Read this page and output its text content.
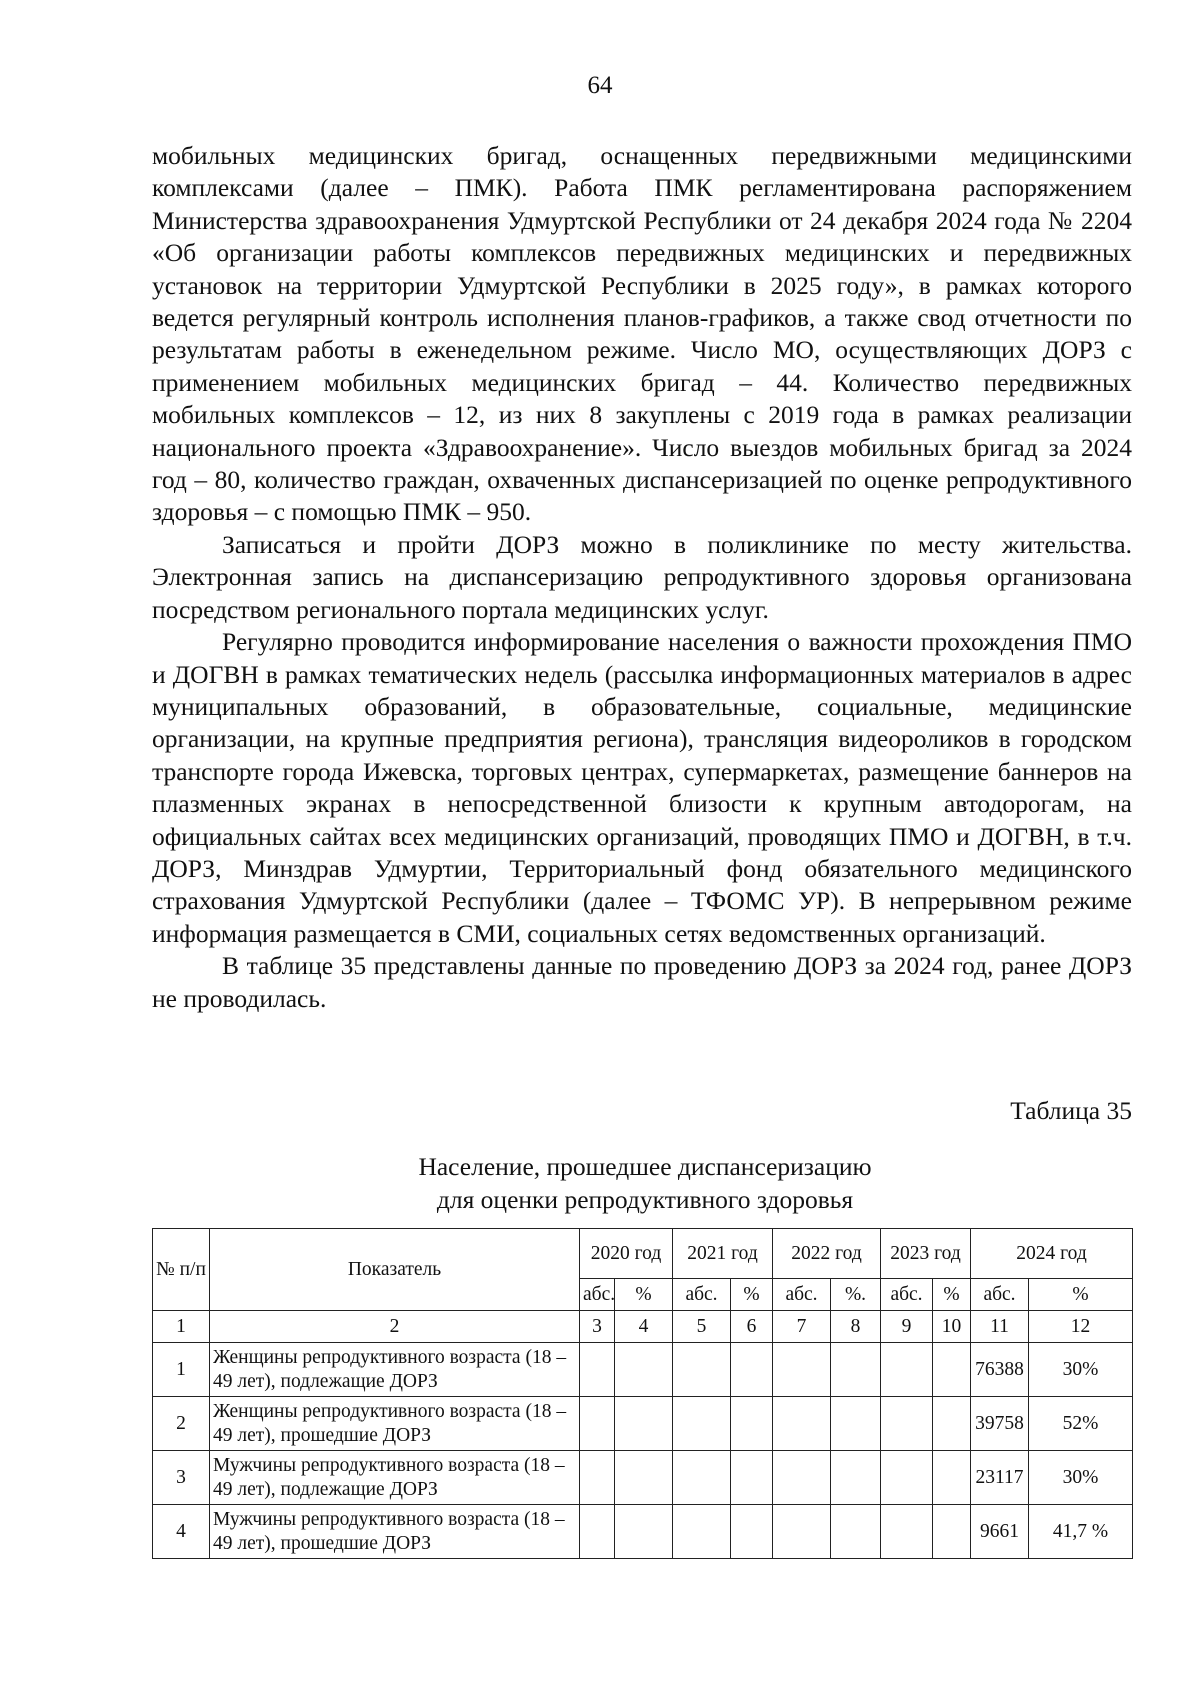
64

мобильных медицинских бригад, оснащенных передвижными медицинскими комплексами (далее – ПМК). Работа ПМК регламентирована распоряжением Министерства здравоохранения Удмуртской Республики от 24 декабря 2024 года № 2204 «Об организации работы комплексов передвижных медицинских и передвижных установок на территории Удмуртской Республики в 2025 году», в рамках которого ведется регулярный контроль исполнения планов-графиков, а также свод отчетности по результатам работы в еженедельном режиме. Число МО, осуществляющих ДОРЗ с применением мобильных медицинских бригад – 44. Количество передвижных мобильных комплексов – 12, из них 8 закуплены с 2019 года в рамках реализации национального проекта «Здравоохранение». Число выездов мобильных бригад за 2024 год – 80, количество граждан, охваченных диспансеризацией по оценке репродуктивного здоровья – с помощью ПМК – 950.

Записаться и пройти ДОРЗ можно в поликлинике по месту жительства. Электронная запись на диспансеризацию репродуктивного здоровья организована посредством регионального портала медицинских услуг.

Регулярно проводится информирование населения о важности прохождения ПМО и ДОГВН в рамках тематических недель (рассылка информационных материалов в адрес муниципальных образований, в образовательные, социальные, медицинские организации, на крупные предприятия региона), трансляция видеороликов в городском транспорте города Ижевска, торговых центрах, супермаркетах, размещение баннеров на плазменных экранах в непосредственной близости к крупным автодорогам, на официальных сайтах всех медицинских организаций, проводящих ПМО и ДОГВН, в т.ч. ДОРЗ, Минздрав Удмуртии, Территориальный фонд обязательного медицинского страхования Удмуртской Республики (далее – ТФОМС УР). В непрерывном режиме информация размещается в СМИ, социальных сетях ведомственных организаций.

В таблице 35 представлены данные по проведению ДОРЗ за 2024 год, ранее ДОРЗ не проводилась.

Таблица 35
Население, прошедшее диспансеризацию
для оценки репродуктивного здоровья
№ п/п	Показатель	2020 год		2021 год		2022 год		2023 год		2024 год	
		абс.	%	абс.	%	абс.	%.	абс.	%	абс.	%
1	2	3	4	5	6	7	8	9	10	11	12
1	Женщины репродуктивного возраста (18 – 49 лет), подлежащие ДОРЗ									76388	30%
2	Женщины репродуктивного возраста (18 – 49 лет), прошедшие ДОРЗ									39758	52%
3	Мужчины репродуктивного возраста (18 – 49 лет), подлежащие ДОРЗ									23117	30%
4	Мужчины репродуктивного возраста (18 – 49 лет), прошедшие ДОРЗ									9661	41,7 %
